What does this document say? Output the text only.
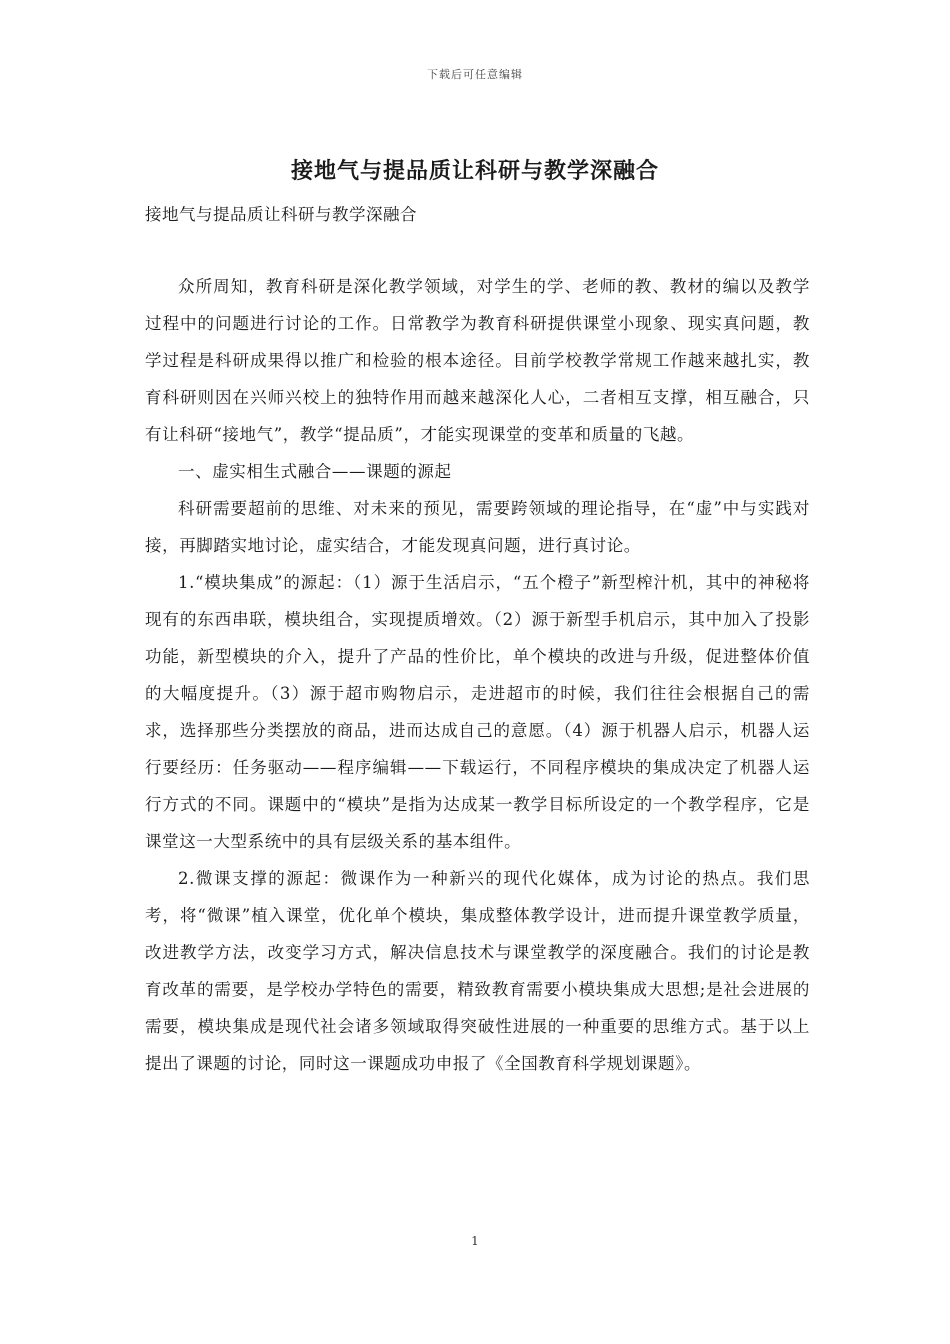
下载后可任意编辑
接地气与提品质让科研与教学深融合
接地气与提品质让科研与教学深融合

众所周知，教育科研是深化教学领域，对学生的学、老师的教、教材的编以及教学过程中的问题进行讨论的工作。日常教学为教育科研提供课堂小现象、现实真问题，教学过程是科研成果得以推广和检验的根本途径。目前学校教学常规工作越来越扎实，教育科研则因在兴师兴校上的独特作用而越来越深化人心，二者相互支撑，相互融合，只有让科研“接地气”，教学“提品质”，才能实现课堂的变革和质量的飞越。

一、虚实相生式融合——课题的源起

科研需要超前的思维、对未来的预见，需要跨领域的理论指导，在“虚”中与实践对接，再脚踏实地讨论，虚实结合，才能发现真问题，进行真讨论。

1.“模块集成”的源起：（1）源于生活启示，“五个橙子”新型榨汁机，其中的神秘将现有的东西串联，模块组合，实现提质增效。（2）源于新型手机启示，其中加入了投影功能，新型模块的介入，提升了产品的性价比，单个模块的改进与升级，促进整体价值的大幅度提升。（3）源于超市购物启示，走进超市的时候，我们往往会根据自己的需求，选择那些分类摆放的商品，进而达成自己的意愿。（4）源于机器人启示，机器人运行要经历：任务驱动——程序编辑——下载运行，不同程序模块的集成决定了机器人运行方式的不同。课题中的“模块”是指为达成某一教学目标所设定的一个教学程序，它是课堂这一大型系统中的具有层级关系的基本组件。

2.微课支撑的源起：微课作为一种新兴的现代化媒体，成为讨论的热点。我们思考，将“微课”植入课堂，优化单个模块，集成整体教学设计，进而提升课堂教学质量，改进教学方法，改变学习方式，解决信息技术与课堂教学的深度融合。我们的讨论是教育改革的需要，是学校办学特色的需要，精致教育需要小模块集成大思想;是社会进展的需要，模块集成是现代社会诸多领域取得突破性进展的一种重要的思维方式。基于以上提出了课题的讨论，同时这一课题成功申报了《全国教育科学规划课题》。

1
